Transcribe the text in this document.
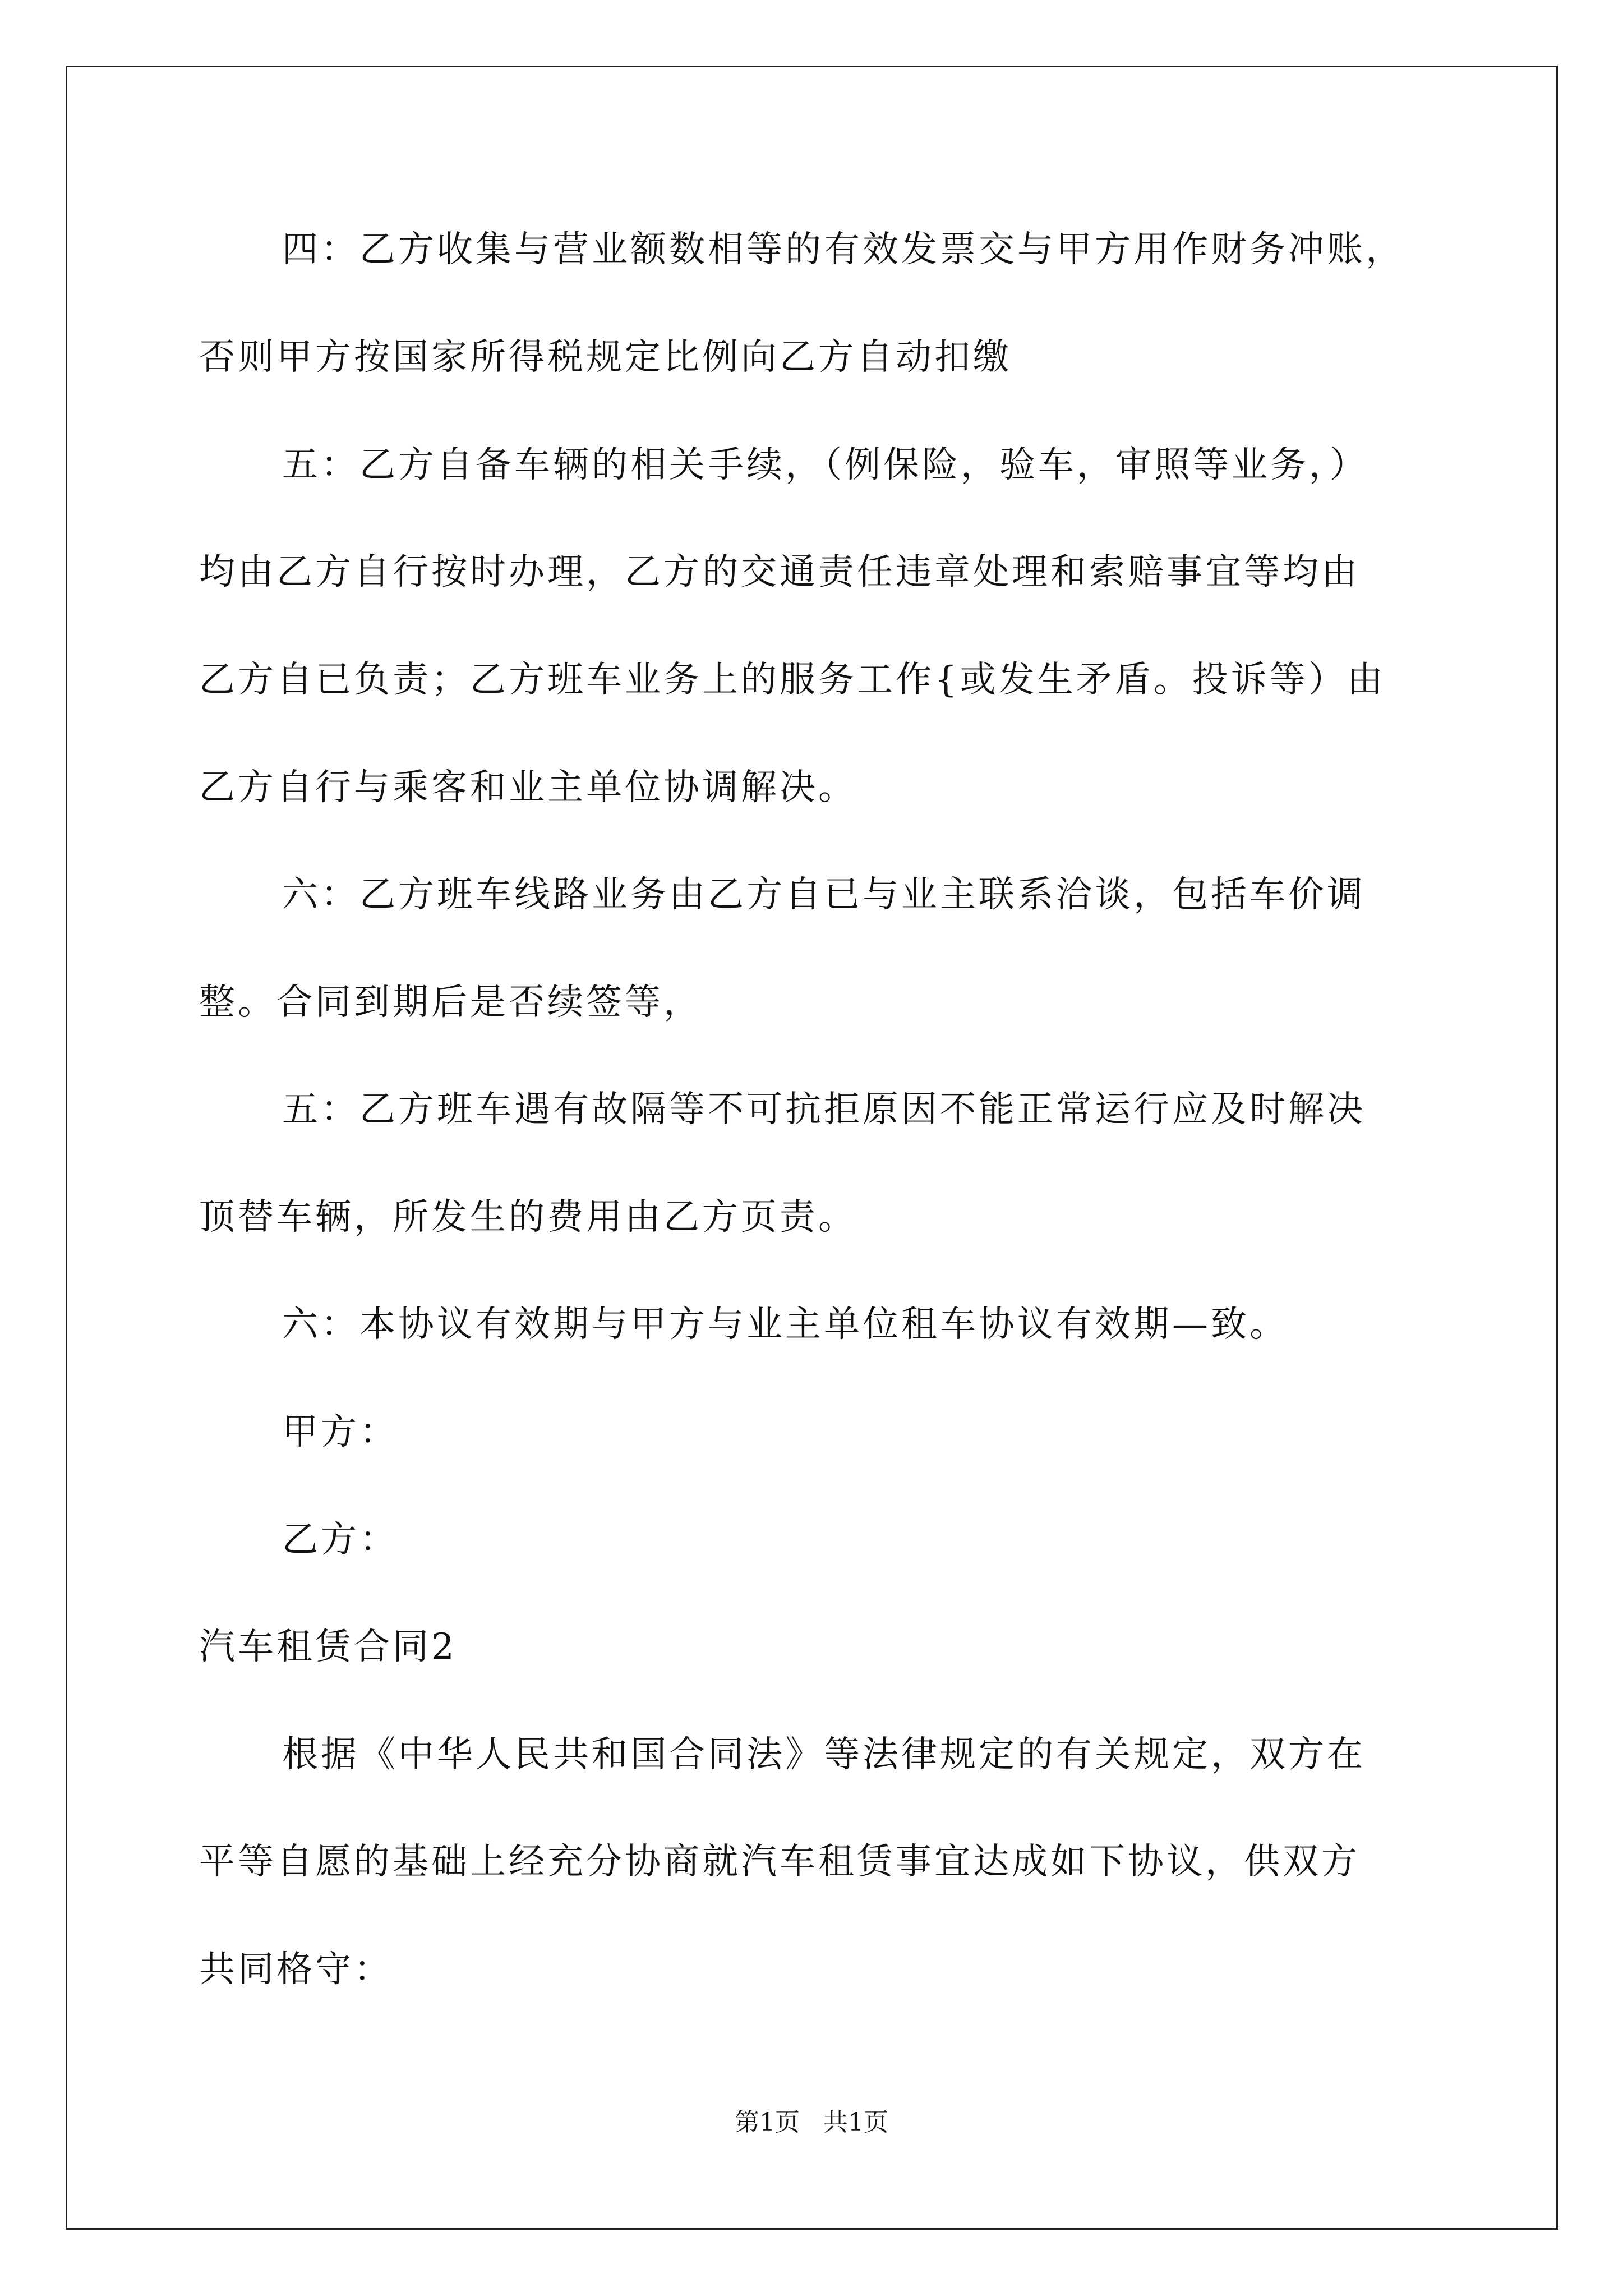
四：乙方收集与营业额数相等的有效发票交与甲方用作财务冲账，
否则甲方按国家所得税规定比例向乙方自动扣缴
五：乙方自备车辆的相关手续，（例保险，验车，审照等业务，）
均由乙方自行按时办理，乙方的交通责任违章处理和索赔事宜等均由
乙方自已负责；乙方班车业务上的服务工作{或发生矛盾。投诉等）由
乙方自行与乘客和业主单位协调解决。
六：乙方班车线路业务由乙方自已与业主联系洽谈，包括车价调
整。合同到期后是否续签等，
五：乙方班车遇有故隔等不可抗拒原因不能正常运行应及时解决
顶替车辆，所发生的费用由乙方页责。
六：本协议有效期与甲方与业主单位租车协议有效期—致。
甲方：
乙方：
汽车租赁合同2
根据《中华人民共和国合同法》等法律规定的有关规定，双方在
平等自愿的基础上经充分协商就汽车租赁事宜达成如下协议，供双方
共同格守：
第1页   共1页
